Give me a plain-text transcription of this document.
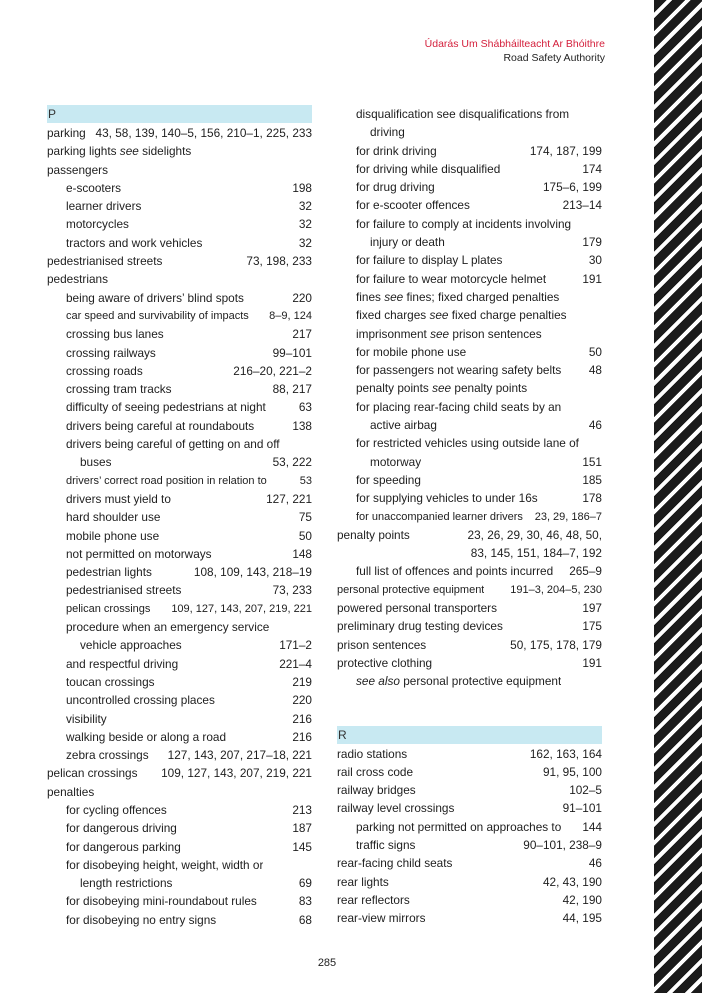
Údarás Um Shábháilteacht Ar Bhóithre
Road Safety Authority
P
parking 43, 58, 139, 140–5, 156, 210–1, 225, 233
parking lights see sidelights
passengers
e-scooters	198
learner drivers	32
motorcycles	32
tractors and work vehicles	32
pedestrianised streets	73, 198, 233
pedestrians
being aware of drivers’ blind spots	220
car speed and survivability of impacts	8–9, 124
crossing bus lanes	217
crossing railways	99–101
crossing roads	216–20, 221–2
crossing tram tracks	88, 217
difficulty of seeing pedestrians at night	63
drivers being careful at roundabouts	138
drivers being careful of getting on and off
buses	53, 222
drivers’ correct road position in relation to	53
drivers must yield to	127, 221
hard shoulder use	75
mobile phone use	50
not permitted on motorways	148
pedestrian lights	108, 109, 143, 218–19
pedestrianised streets	73, 233
pelican crossings	109, 127, 143, 207, 219, 221
procedure when an emergency service
vehicle approaches	171–2
and respectful driving	221–4
toucan crossings	219
uncontrolled crossing places	220
visibility	216
walking beside or along a road	216
zebra crossings	127, 143, 207, 217–18, 221
pelican crossings	109, 127, 143, 207, 219, 221
penalties
for cycling offences	213
for dangerous driving	187
for dangerous parking	145
for disobeying height, weight, width or
length restrictions	69
for disobeying mini-roundabout rules	83
for disobeying no entry signs	68
disqualification see disqualifications from
driving
for drink driving	174, 187, 199
for driving while disqualified	174
for drug driving	175–6, 199
for e-scooter offences	213–14
for failure to comply at incidents involving
injury or death	179
for failure to display L plates	30
for failure to wear motorcycle helmet	191
fines see fines; fixed charged penalties
fixed charges see fixed charge penalties
imprisonment see prison sentences
for mobile phone use	50
for passengers not wearing safety belts	48
penalty points see penalty points
for placing rear-facing child seats by an
active airbag	46
for restricted vehicles using outside lane of
motorway	151
for speeding	185
for supplying vehicles to under 16s	178
for unaccompanied learner drivers	23, 29, 186–7
penalty points	23, 26, 29, 30, 46, 48, 50,
83, 145, 151, 184–7, 192
full list of offences and points incurred	265–9
personal protective equipment	191–3, 204–5, 230
powered personal transporters	197
preliminary drug testing devices	175
prison sentences	50, 175, 178, 179
protective clothing	191
see also personal protective equipment
R
radio stations	162, 163, 164
rail cross code	91, 95, 100
railway bridges	102–5
railway level crossings	91–101
parking not permitted on approaches to	144
traffic signs	90–101, 238–9
rear-facing child seats	46
rear lights	42, 43, 190
rear reflectors	42, 190
rear-view mirrors	44, 195
285
